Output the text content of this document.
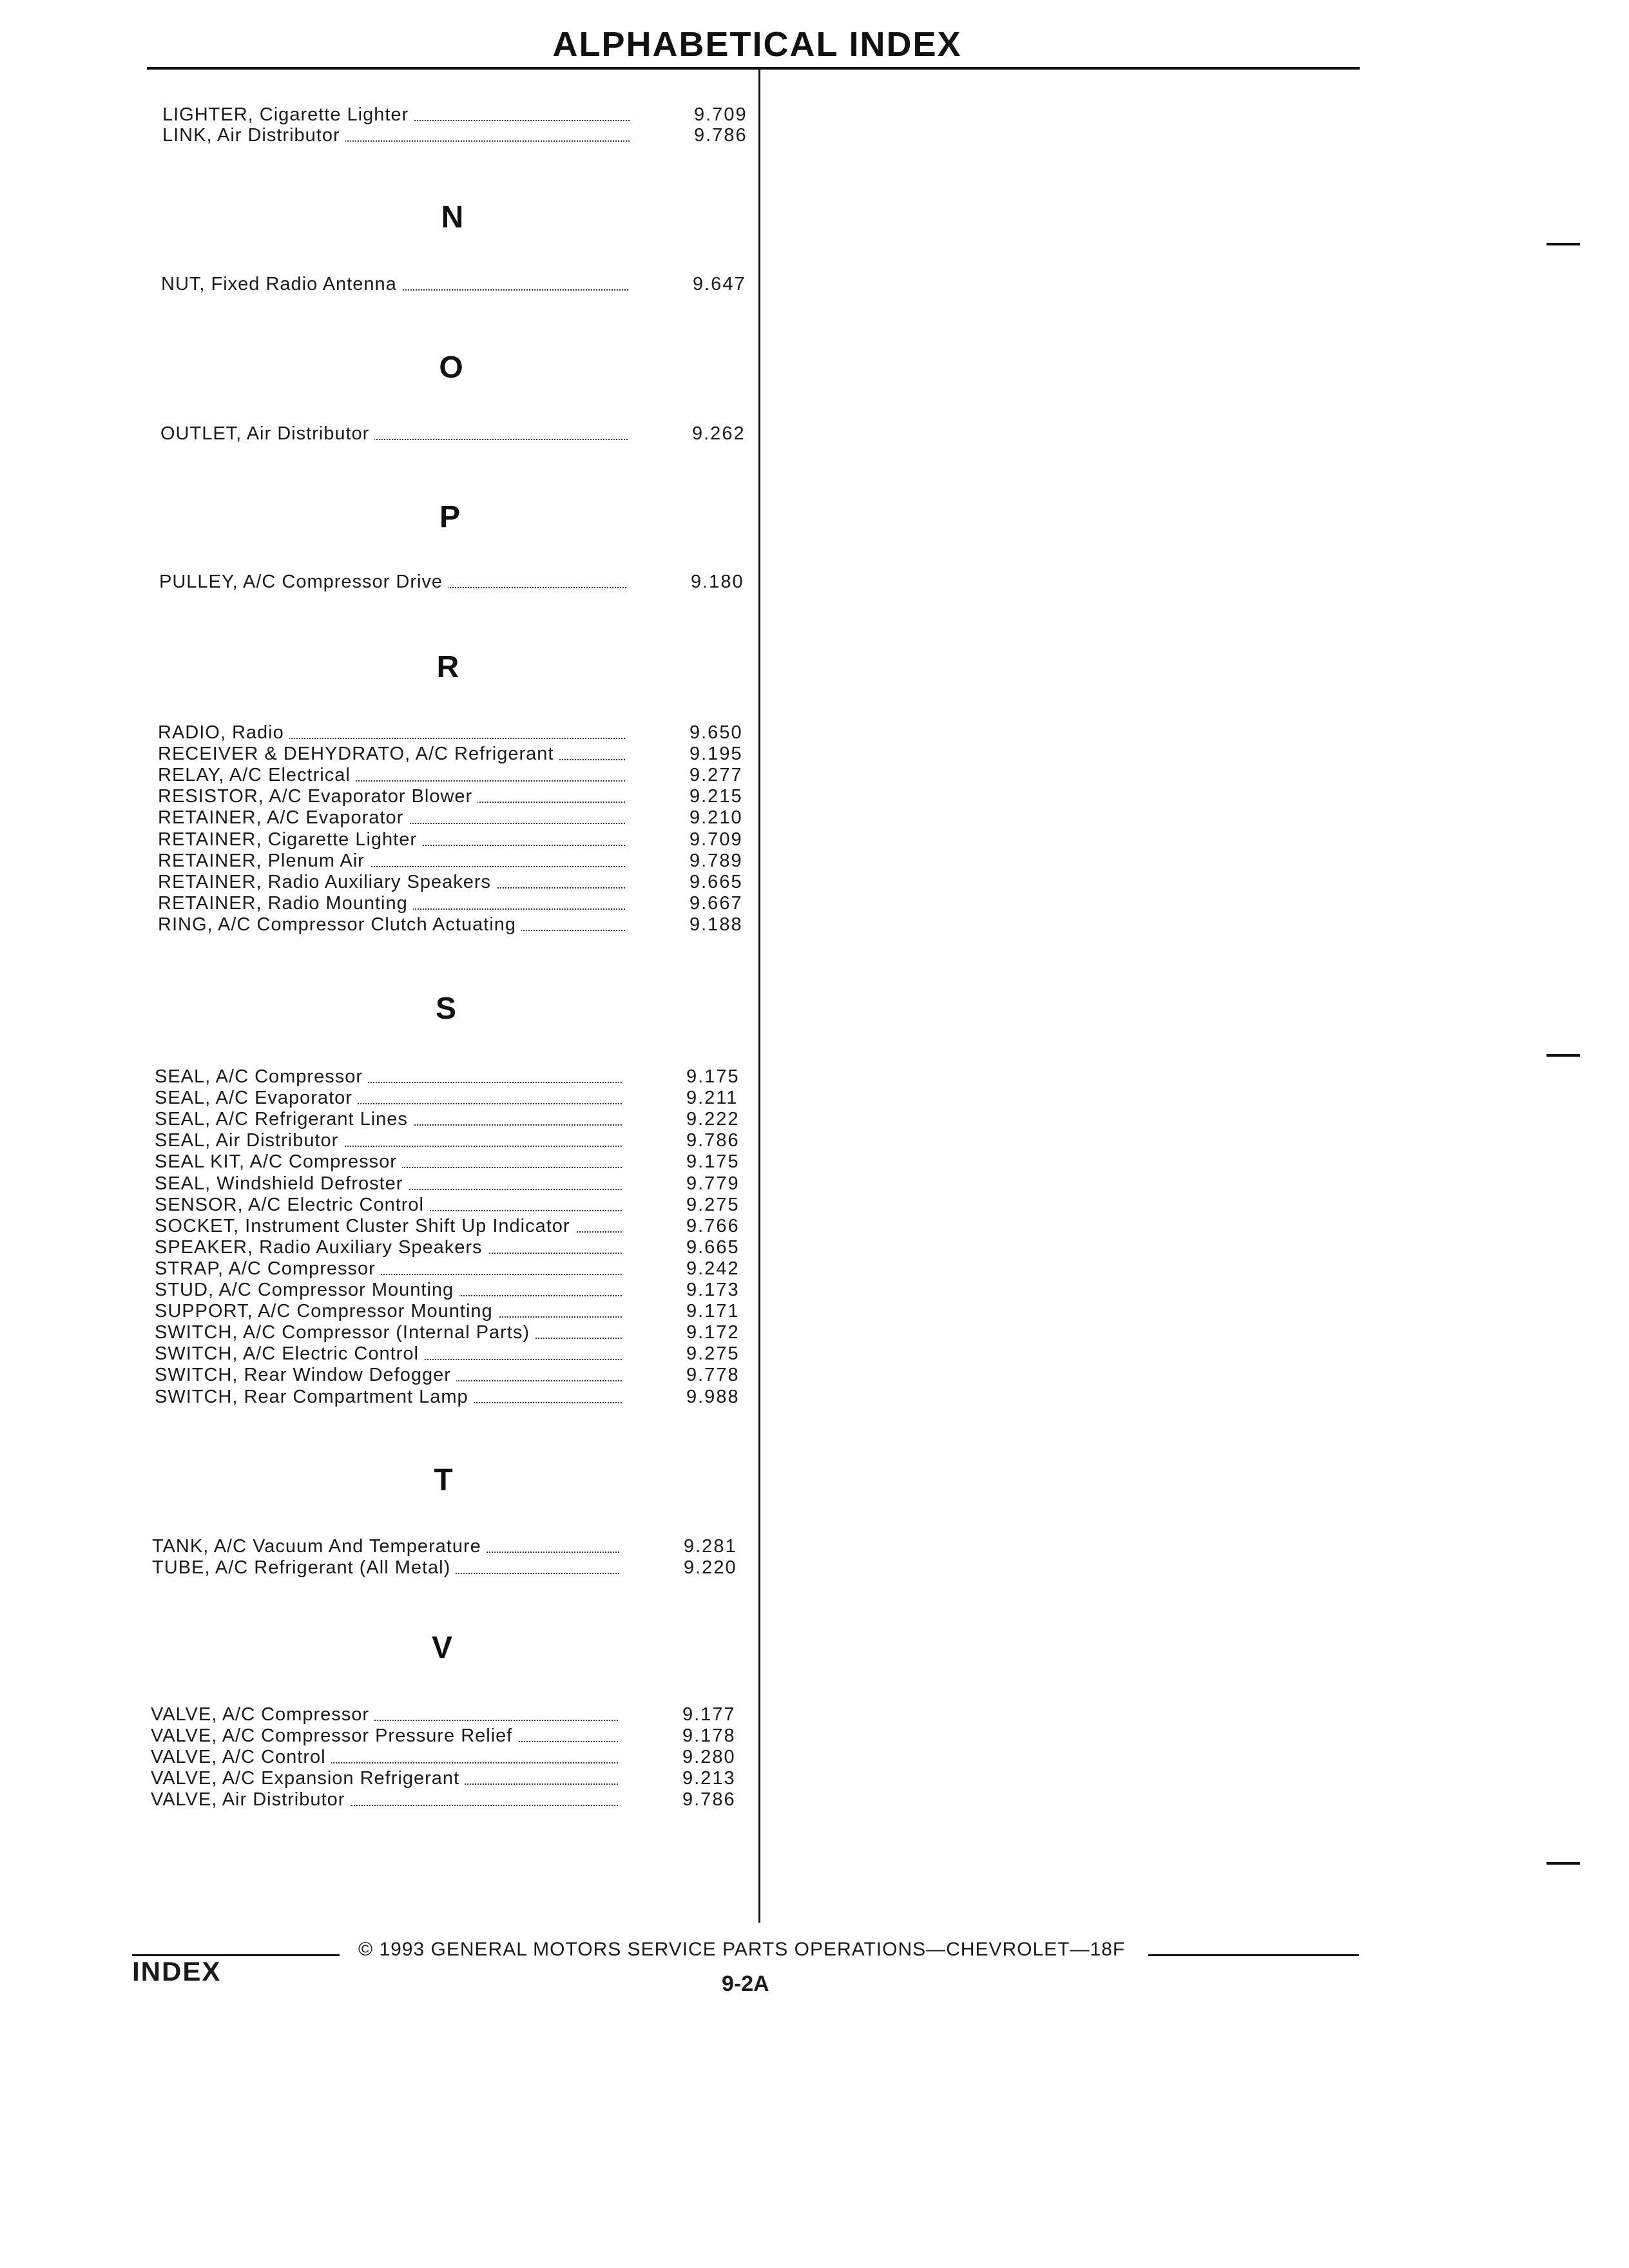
ALPHABETICAL INDEX
LIGHTER, Cigarette Lighter	9.709
LINK, Air Distributor	9.786
N
NUT, Fixed Radio Antenna	9.647
O
OUTLET, Air Distributor	9.262
P
PULLEY, A/C Compressor Drive	9.180
R
RADIO, Radio	9.650
RECEIVER & DEHYDRATO, A/C Refrigerant	9.195
RELAY, A/C Electrical	9.277
RESISTOR, A/C Evaporator Blower	9.215
RETAINER, A/C Evaporator	9.210
RETAINER, Cigarette Lighter	9.709
RETAINER, Plenum Air	9.789
RETAINER, Radio Auxiliary Speakers	9.665
RETAINER, Radio Mounting	9.667
RING, A/C Compressor Clutch Actuating	9.188
S
SEAL, A/C Compressor	9.175
SEAL, A/C Evaporator	9.211
SEAL, A/C Refrigerant Lines	9.222
SEAL, Air Distributor	9.786
SEAL KIT, A/C Compressor	9.175
SEAL, Windshield Defroster	9.779
SENSOR, A/C Electric Control	9.275
SOCKET, Instrument Cluster Shift Up Indicator	9.766
SPEAKER, Radio Auxiliary Speakers	9.665
STRAP, A/C Compressor	9.242
STUD, A/C Compressor Mounting	9.173
SUPPORT, A/C Compressor Mounting	9.171
SWITCH, A/C Compressor (Internal Parts)	9.172
SWITCH, A/C Electric Control	9.275
SWITCH, Rear Window Defogger	9.778
SWITCH, Rear Compartment Lamp	9.988
T
TANK, A/C Vacuum And Temperature	9.281
TUBE, A/C Refrigerant (All Metal)	9.220
V
VALVE, A/C Compressor	9.177
VALVE, A/C Compressor Pressure Relief	9.178
VALVE, A/C Control	9.280
VALVE, A/C Expansion Refrigerant	9.213
VALVE, Air Distributor	9.786
© 1993 GENERAL MOTORS SERVICE PARTS OPERATIONS—CHEVROLET—18F
INDEX	9-2A
